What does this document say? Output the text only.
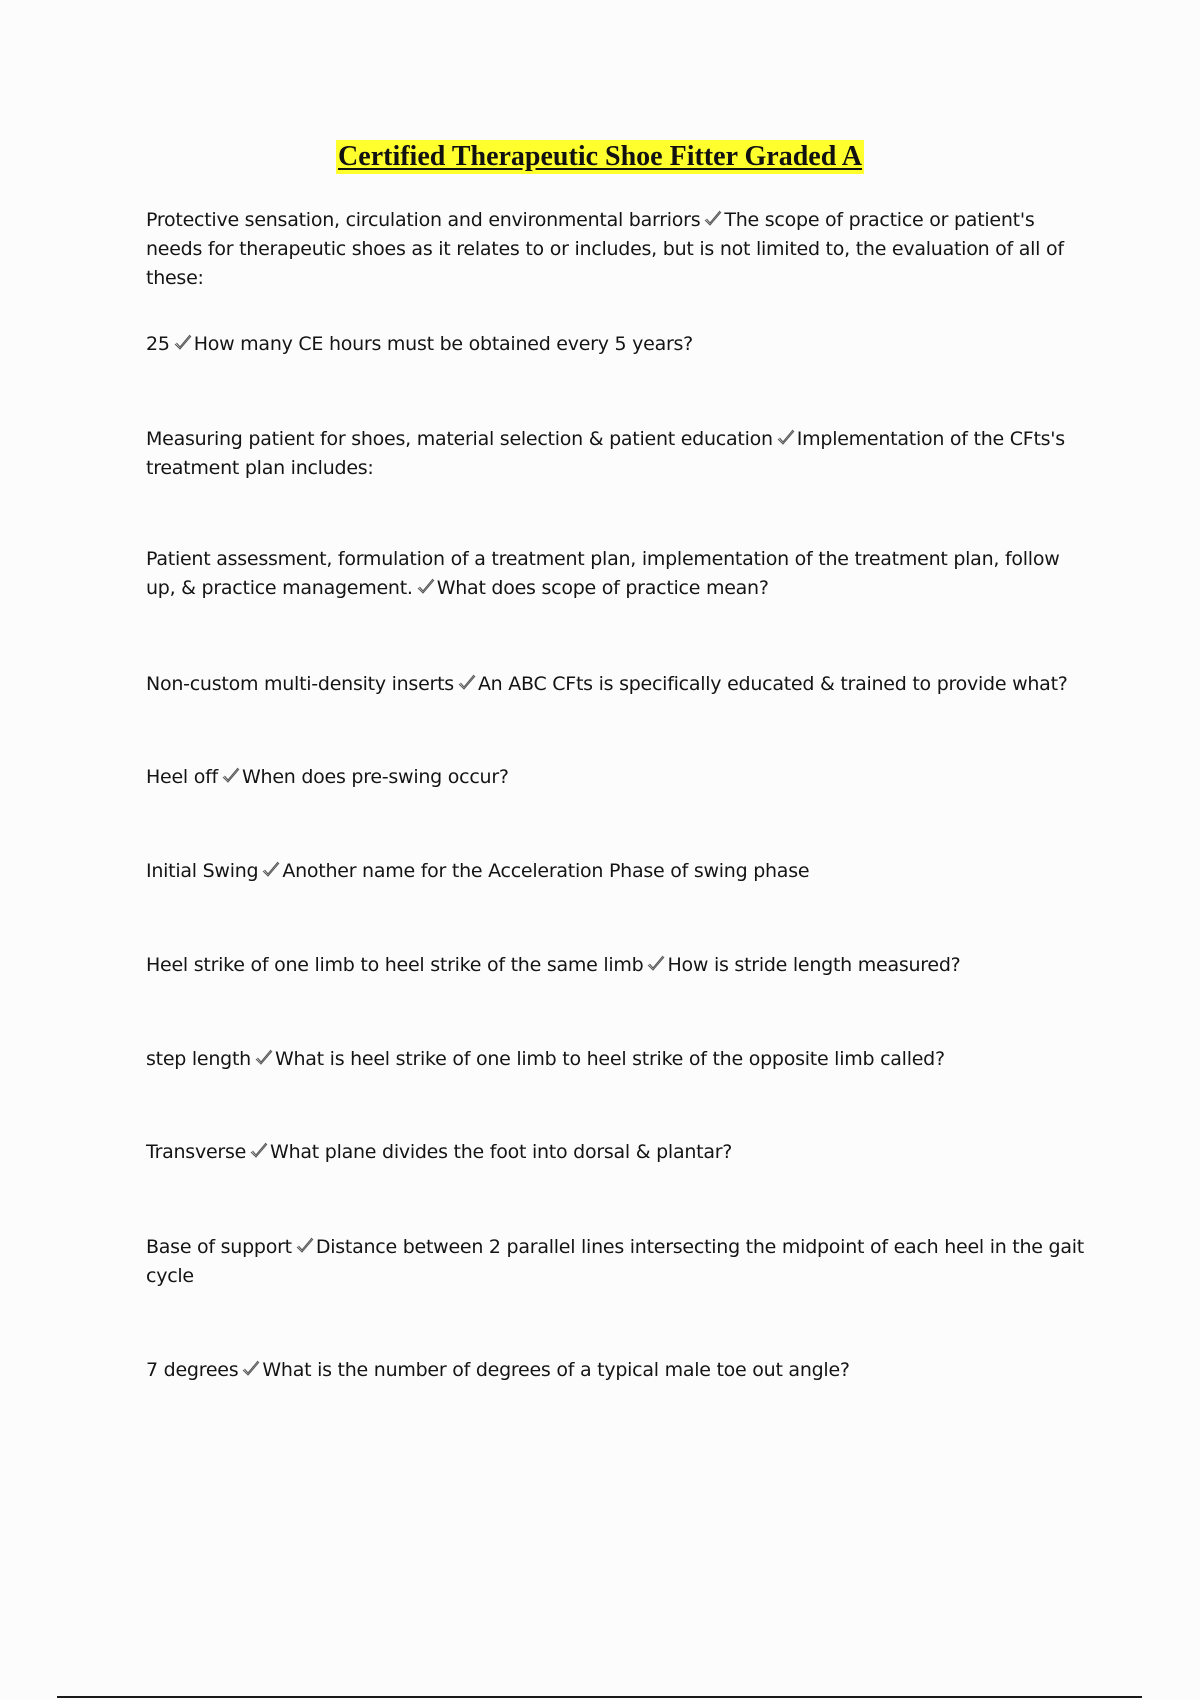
Certified Therapeutic Shoe Fitter Graded A
Protective sensation, circulation and environmental barriors The scope of practice or patient's needs for therapeutic shoes as it relates to or includes, but is not limited to, the evaluation of all of these:
25 How many CE hours must be obtained every 5 years?
Measuring patient for shoes, material selection & patient education Implementation of the CFts's treatment plan includes:
Patient assessment, formulation of a treatment plan, implementation of the treatment plan, follow up, & practice management. What does scope of practice mean?
Non-custom multi-density inserts An ABC CFts is specifically educated & trained to provide what?
Heel off When does pre-swing occur?
Initial Swing Another name for the Acceleration Phase of swing phase
Heel strike of one limb to heel strike of the same limb How is stride length measured?
step length What is heel strike of one limb to heel strike of the opposite limb called?
Transverse What plane divides the foot into dorsal & plantar?
Base of support Distance between 2 parallel lines intersecting the midpoint of each heel in the gait cycle
7 degrees What is the number of degrees of a typical male toe out angle?
